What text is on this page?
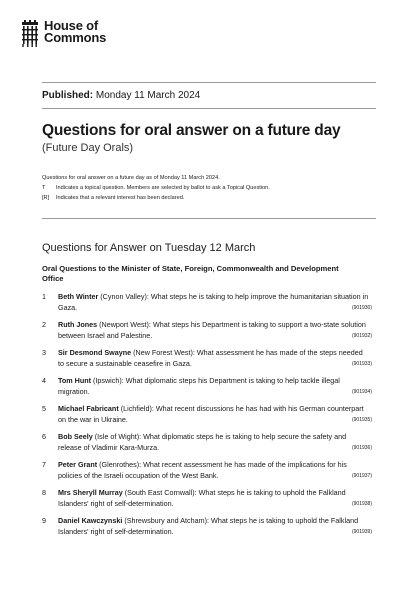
House of
Commons
Published: Monday 11 March 2024
Questions for oral answer on a future day
(Future Day Orals)
Questions for oral answer on a future day as of Monday 11 March 2024.
T	Indicates a topical question. Members are selected by ballot to ask a Topical Question.
[R]	Indicates that a relevant interest has been declared.
Questions for Answer on Tuesday 12 March
Oral Questions to the Minister of State, Foreign, Commonwealth and Development Office
1	Beth Winter (Cynon Valley): What steps he is taking to help improve the humanitarian situation in Gaza.	(901930)
2	Ruth Jones (Newport West): What steps his Department is taking to support a two-state solution between Israel and Palestine.	(901932)
3	Sir Desmond Swayne (New Forest West): What assessment he has made of the steps needed to secure a sustainable ceasefire in Gaza.	(901933)
4	Tom Hunt (Ipswich): What diplomatic steps his Department is taking to help tackle illegal migration.	(901934)
5	Michael Fabricant (Lichfield): What recent discussions he has had with his German counterpart on the war in Ukraine.	(901935)
6	Bob Seely (Isle of Wight): What diplomatic steps he is taking to help secure the safety and release of Vladimir Kara-Murza.	(901936)
7	Peter Grant (Glenrothes): What recent assessment he has made of the implications for his policies of the Israeli occupation of the West Bank.	(901937)
8	Mrs Sheryll Murray (South East Cornwall): What steps he is taking to uphold the Falkland Islanders' right of self-determination.	(901938)
9	Daniel Kawczynski (Shrewsbury and Atcham): What steps he is taking to uphold the Falkland Islanders' right of self-determination.	(901939)
